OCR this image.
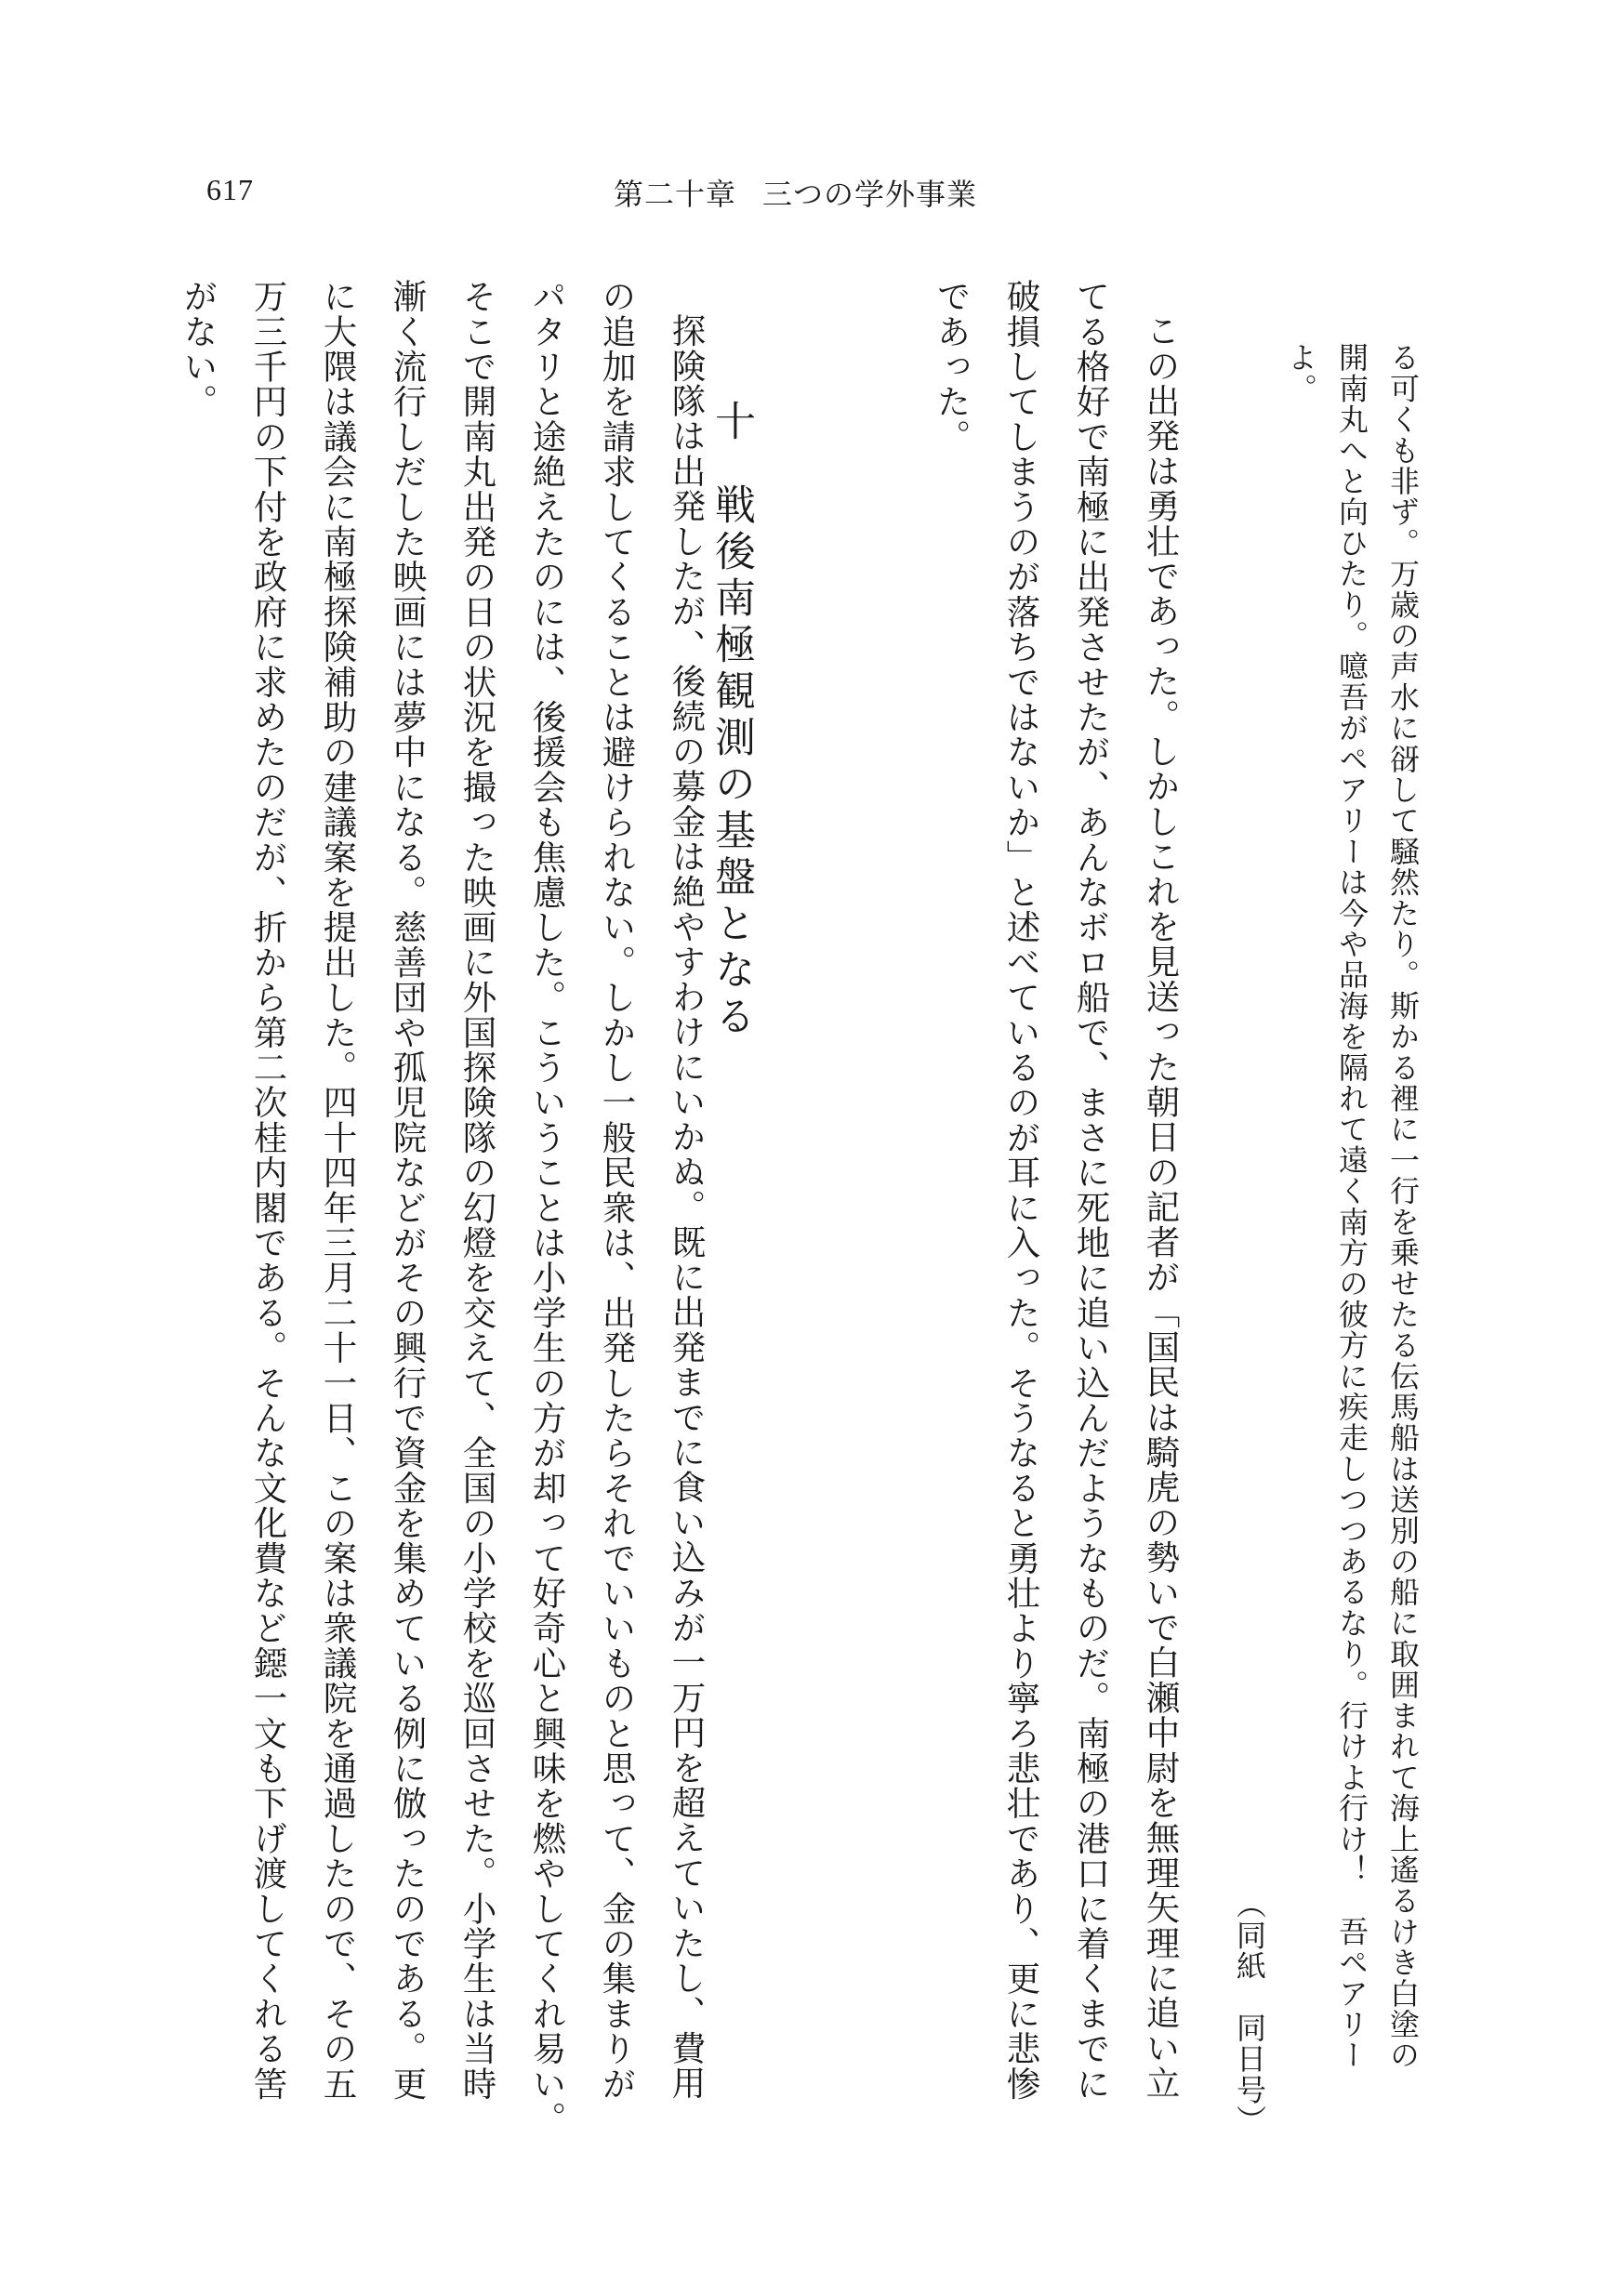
617	第二十章 三つの学外事業
る可くも非ず。万歳の声水に谺して騒然たり。斯かる裡に一行を乗せたる伝馬船は送別の船に取囲まれて海上遙るけき白塗の
開南丸へと向ひたり。噫吾がペアリーは今や品海を隔れて遠く南方の彼方に疾走しつつあるなり。行けよ行け！　吾ペアリー
よ。
（同紙　同日号）
この出発は勇壮であった。しかしこれを見送った朝日の記者が「国民は騎虎の勢いで白瀬中尉を無理矢理に追い立
てる格好で南極に出発させたが、あんなボロ船で、まさに死地に追い込んだようなものだ。南極の港口に着くまでに
破損してしまうのが落ちではないか」と述べているのが耳に入った。そうなると勇壮より寧ろ悲壮であり、更に悲惨
であった。
十戦後南極観測の基盤となる
探険隊は出発したが、後続の募金は絶やすわけにいかぬ。既に出発までに食い込みが一万円を超えていたし、費用
の追加を請求してくることは避けられない。しかし一般民衆は、出発したらそれでいいものと思って、金の集まりが
パタリと途絶えたのには、後援会も焦慮した。こういうことは小学生の方が却って好奇心と興味を燃やしてくれ易い。
そこで開南丸出発の日の状況を撮った映画に外国探険隊の幻燈を交えて、全国の小学校を巡回させた。小学生は当時
漸く流行しだした映画には夢中になる。慈善団や孤児院などがその興行で資金を集めている例に倣ったのである。更
に大隈は議会に南極探険補助の建議案を提出した。四十四年三月二十一日、この案は衆議院を通過したので、その五
万三千円の下付を政府に求めたのだが、折から第二次桂内閣である。そんな文化費など鐚一文も下げ渡してくれる筈
がない。
